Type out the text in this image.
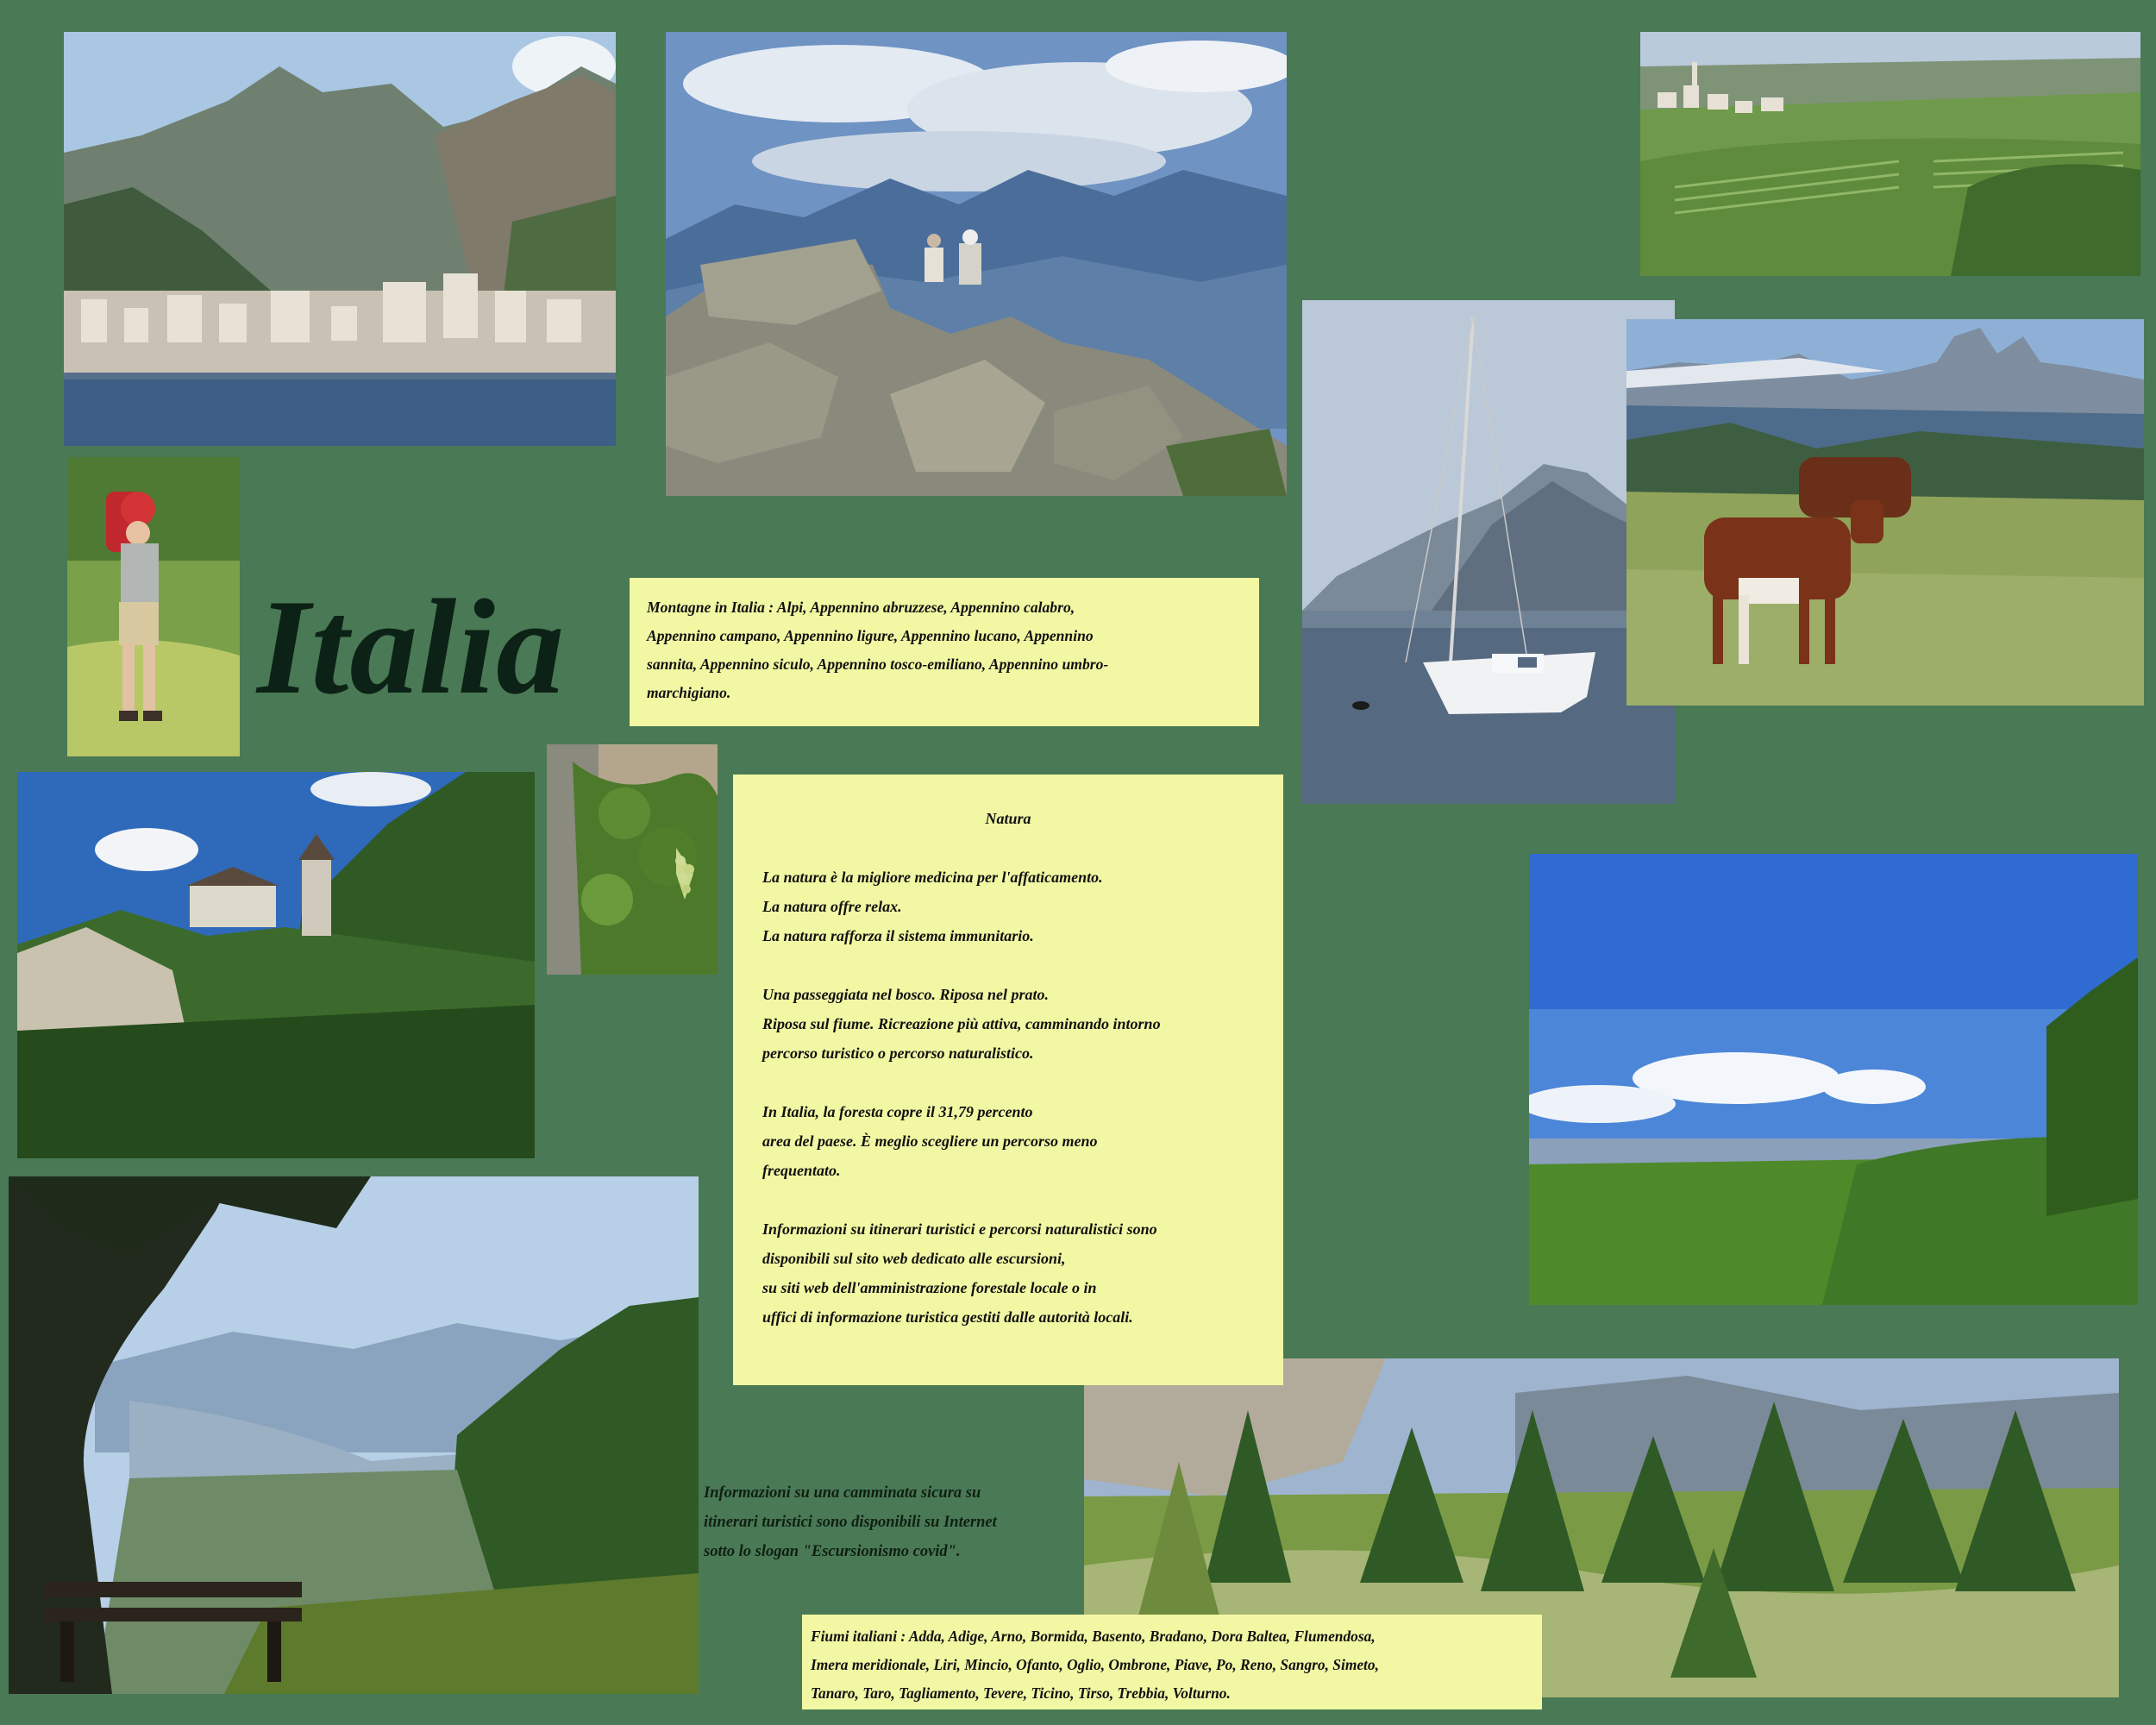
Italia	Montagne in Italia : Alpi, Appennino abruzzese, Appennino calabro,
Appennino campano, Appennino ligure, Appennino lucano, Appennino
sannita, Appennino siculo, Appennino tosco-emiliano, Appennino umbro-
marchigiano.
Natura
La natura è la migliore medicina per l'affaticamento.
La natura offre relax.
La natura rafforza il sistema immunitario.
Una passeggiata nel bosco. Riposa nel prato.
Riposa sul fiume. Ricreazione più attiva, camminando intorno
percorso turistico o percorso naturalistico.
In Italia, la foresta copre il 31,79 percento
area del paese. È meglio scegliere un percorso meno
frequentato.
Informazioni su itinerari turistici e percorsi naturalistici sono
disponibili sul sito web dedicato alle escursioni,
su siti web dell'amministrazione forestale locale o in
uffici di informazione turistica gestiti dalle autorità locali.
Informazioni su una camminata sicura su
itinerari turistici sono disponibili su Internet
sotto lo slogan "Escursionismo covid".
Fiumi italiani : Adda, Adige, Arno, Bormida, Basento, Bradano, Dora Baltea, Flumendosa,
Imera meridionale, Liri, Mincio, Ofanto, Oglio, Ombrone, Piave, Po, Reno, Sangro, Simeto,
Tanaro, Taro, Tagliamento, Tevere, Ticino, Tirso, Trebbia, Volturno.
